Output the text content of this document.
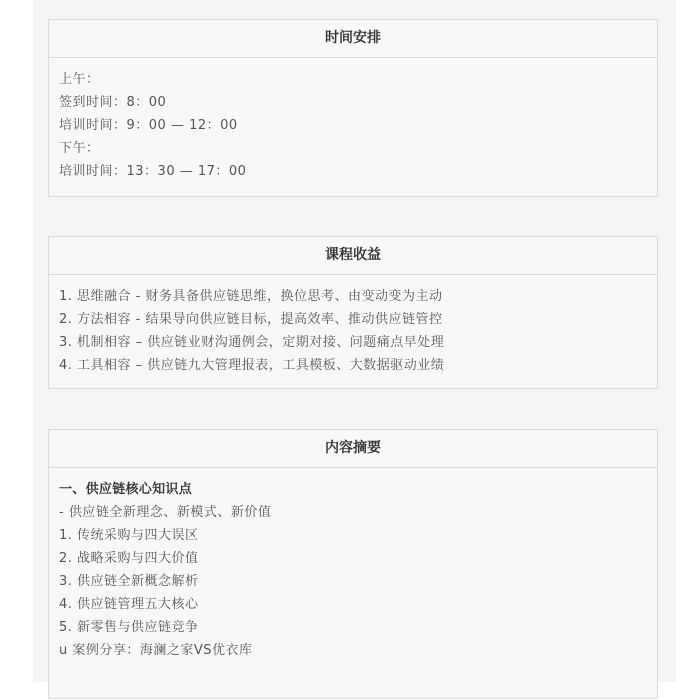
时间安排
上午：
签到时间：8：00
培训时间：9：00 — 12：00
下午：
培训时间：13：30 — 17：00
课程收益
1. 思维融合 - 财务具备供应链思维，换位思考、由变动变为主动
2. 方法相容 - 结果导向供应链目标，提高效率、推动供应链管控
3. 机制相容 – 供应链业财沟通例会，定期对接、问题痛点早处理
4. 工具相容 – 供应链九大管理报表，工具模板、大数据驱动业绩
内容摘要
一、供应链核心知识点
- 供应链全新理念、新模式、新价值
1. 传统采购与四大误区
2. 战略采购与四大价值
3. 供应链全新概念解析
4. 供应链管理五大核心
5. 新零售与供应链竞争
u 案例分享：海澜之家VS优衣库
